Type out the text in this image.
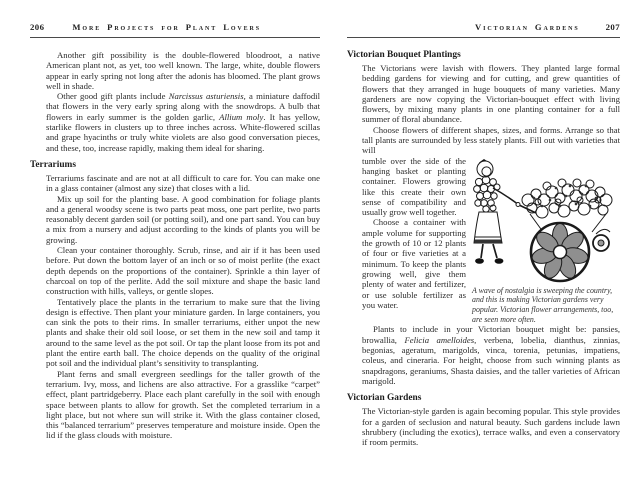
206	More Projects for Plant Lovers

Another gift possibility is the double-flowered bloodroot, a native American plant not, as yet, too well known. The large, white, double flowers appear in early spring not long after the adonis has bloomed. The plant grows well in shade.

Other good gift plants include Narcissus asturiensis, a miniature daffodil that flowers in the very early spring along with the snowdrops. A bulb that flowers in early summer is the golden garlic, Allium moly. It has yellow, starlike flowers in clusters up to three inches across. White-flowered scillas and grape hyacinths or truly white violets are also good conversation pieces, and these, too, increase rapidly, making them ideal for sharing.

Terrariums

Terrariums fascinate and are not at all difficult to care for. You can make one in a glass container (almost any size) that closes with a lid.

Mix up soil for the planting base. A good combination for foliage plants and a general woodsy scene is two parts peat moss, one part perlite, two parts reasonably decent garden soil (or potting soil), and one part sand. You can buy a mix from a nursery and adjust according to the kinds of plants you will be growing.

Clean your container thoroughly. Scrub, rinse, and air if it has been used before. Put down the bottom layer of an inch or so of moist perlite (the exact depth depends on the proportions of the container). Sprinkle a thin layer of charcoal on top of the perlite. Add the soil mixture and shape the basic land construction with hills, valleys, or gentle slopes.

Tentatively place the plants in the terrarium to make sure that the living design is effective. Then plant your miniature garden. In large containers, you can sink the pots to their rims. In smaller terrariums, either unpot the new plants and shake their old soil loose, or set them in the new soil and tamp it around to the same level as the pot soil. Or tap the plant loose from its pot and plant the entire earth ball. The choice depends on the quality of the original pot soil and the individual plant’s sensitivity to transplanting.

Plant ferns and small evergreen seedlings for the taller growth of the terrarium. Ivy, moss, and lichens are also attractive. For a grasslike “carpet” effect, plant partridgeberry. Place each plant carefully in the soil with enough space between plants to allow for growth. Set the completed terrarium in a light place, but not where sun will strike it. With the glass container closed, this “balanced terrarium” preserves temperature and moisture inside. Open the lid if the glass clouds with moisture.

Victorian Gardens	207
Victorian Bouquet Plantings

The Victorians were lavish with flowers. They planted large formal bedding gardens for viewing and for cutting, and grew quantities of flowers that they arranged in huge bouquets of many varieties. Many gardeners are now copying the Victorian-bouquet effect with living flowers, by mixing many plants in one planting container for a full summer of floral abundance.

Choose flowers of different shapes, sizes, and forms. Arrange so that tall plants are surrounded by less stately plants. Fill out with varieties that will

tumble over the side of the hanging basket or planting container. Flowers growing like this create their own sense of compatibility and usually grow well together.

Choose a container with ample volume for supporting the growth of 10 or 12 plants of four or five varieties at a minimum. To keep the plants growing well, give them plenty of water and fertilizer, or use soluble fertilizer as you water.

A wave of nostalgia is sweeping the country, and this is making Victorian gardens very popular. Victorian flower arrangements, too, are seen more often.

Plants to include in your Victorian bouquet might be: pansies, browallia, Felicia amelloides, verbena, lobelia, dianthus, zinnias, begonias, ageratum, marigolds, vinca, torenia, petunias, impatiens, coleus, and cineraria. For height, choose from such winning plants as snapdragons, geraniums, Shasta daisies, and the taller varieties of African marigold.

Victorian Gardens

The Victorian-style garden is again becoming popular. This style provides for a garden of seclusion and natural beauty. Such gardens include lawn shrubbery (including the exotics), terrace walks, and even a conservatory if room permits.
